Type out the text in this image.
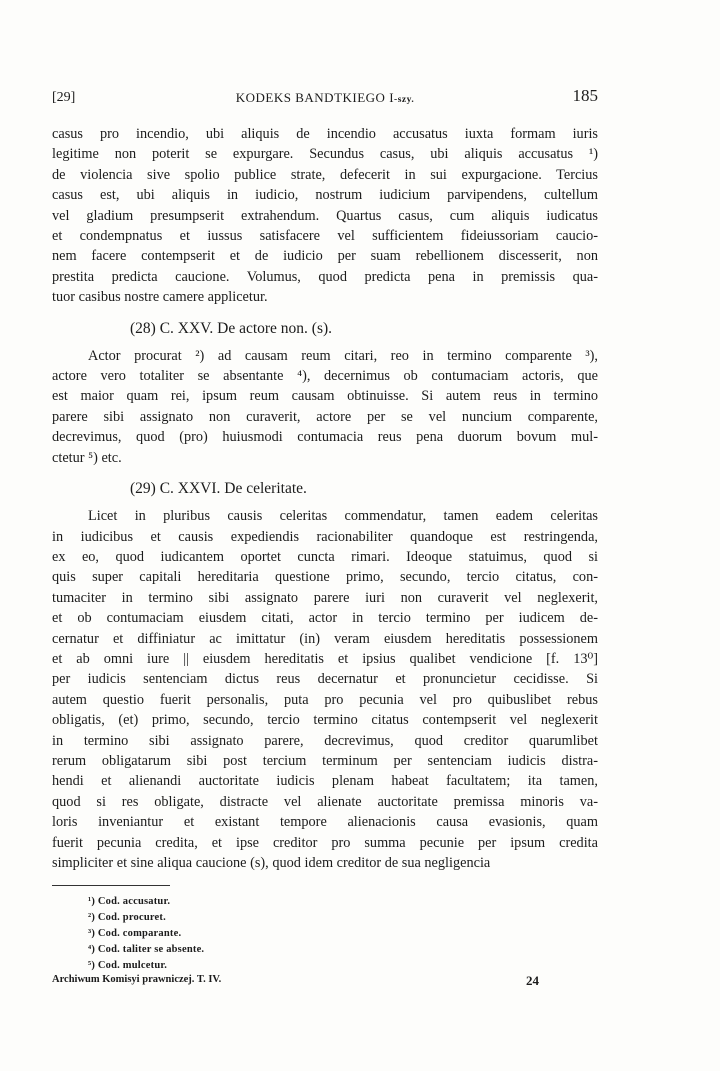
[29]	KODEKS BANDTKIEGO I-szy.	185
casus pro incendio, ubi aliquis de incendio accusatus iuxta formam iuris
legitime non poterit se expurgare. Secundus casus, ubi aliquis accusatus ¹)
de violencia sive spolio publice strate, defecerit in sui expurgacione. Tercius
casus est, ubi aliquis in iudicio, nostrum iudicium parvipendens, cultellum
vel gladium presumpserit extrahendum. Quartus casus, cum aliquis iudicatus
et condempnatus et iussus satisfacere vel sufficientem fideiussoriam caucio-
nem facere contempserit et de iudicio per suam rebellionem discesserit, non
prestita predicta caucione. Volumus, quod predicta pena in premissis qua-
tuor casibus nostre camere applicetur.
(28) C. XXV. De actore non. (s).
Actor procurat ²) ad causam reum citari, reo in termino comparente ³),
actore vero totaliter se absentante ⁴), decernimus ob contumaciam actoris, que
est maior quam rei, ipsum reum causam obtinuisse. Si autem reus in termino
parere sibi assignato non curaverit, actore per se vel nuncium comparente,
decrevimus, quod (pro) huiusmodi contumacia reus pena duorum bovum mul-
ctetur ⁵) etc.
(29) C. XXVI. De celeritate.
Licet in pluribus causis celeritas commendatur, tamen eadem celeritas
in iudicibus et causis expediendis racionabiliter quandoque est restringenda,
ex eo, quod iudicantem oportet cuncta rimari. Ideoque statuimus, quod si
quis super capitali hereditaria questione primo, secundo, tercio citatus, con-
tumaciter in termino sibi assignato parere iuri non curaverit vel neglexerit,
et ob contumaciam eiusdem citati, actor in tercio termino per iudicem de-
cernatur et diffiniatur ac imittatur (in) veram eiusdem hereditatis possessionem
et ab omni iure || eiusdem hereditatis et ipsius qualibet vendicione [f. 13⁰]
per iudicis sentenciam dictus reus decernatur et pronuncietur cecidisse. Si
autem questio fuerit personalis, puta pro pecunia vel pro quibuslibet rebus
obligatis, (et) primo, secundo, tercio termino citatus contempserit vel neglexerit
in termino sibi assignato parere, decrevimus, quod creditor quarumlibet
rerum obligatarum sibi post tercium terminum per sentenciam iudicis distra-
hendi et alienandi auctoritate iudicis plenam habeat facultatem; ita tamen,
quod si res obligate, distracte vel alienate auctoritate premissa minoris va-
loris inveniantur et existant tempore alienacionis causa evasionis, quam
fuerit pecunia credita, et ipse creditor pro summa pecunie per ipsum credita
simpliciter et sine aliqua caucione (s), quod idem creditor de sua negligencia
¹) Cod. accusatur.
²) Cod. procuret.
³) Cod. comparante.
⁴) Cod. taliter se absente.
⁵) Cod. mulcetur.
Archiwum Komisyi prawniczej. T. IV.	24
